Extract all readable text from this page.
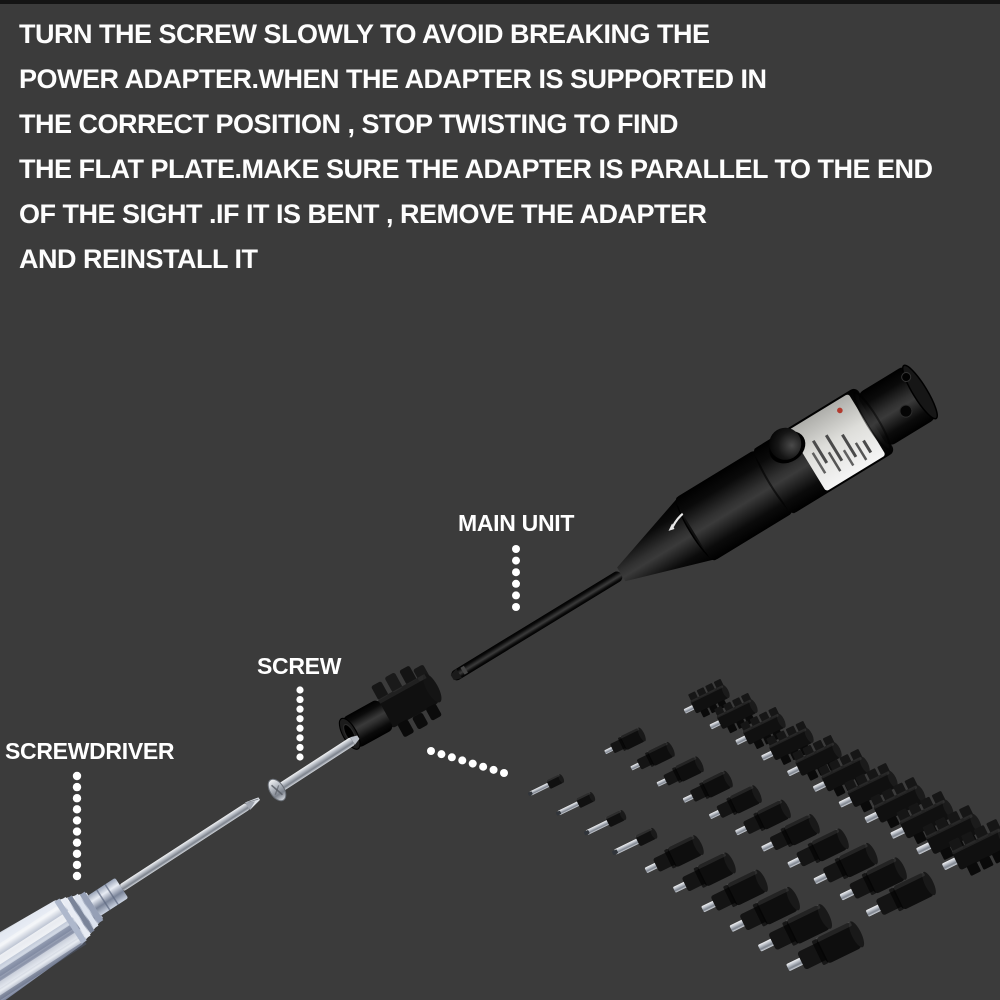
TURN THE SCREW SLOWLY TO AVOID BREAKING THE
POWER ADAPTER.WHEN THE ADAPTER IS SUPPORTED IN
THE CORRECT POSITION , STOP TWISTING TO FIND
THE FLAT PLATE.MAKE SURE THE ADAPTER IS PARALLEL TO THE END
OF THE SIGHT .IF IT IS BENT , REMOVE THE ADAPTER
AND REINSTALL IT
MAIN UNIT
SCREW
SCREWDRIVER
